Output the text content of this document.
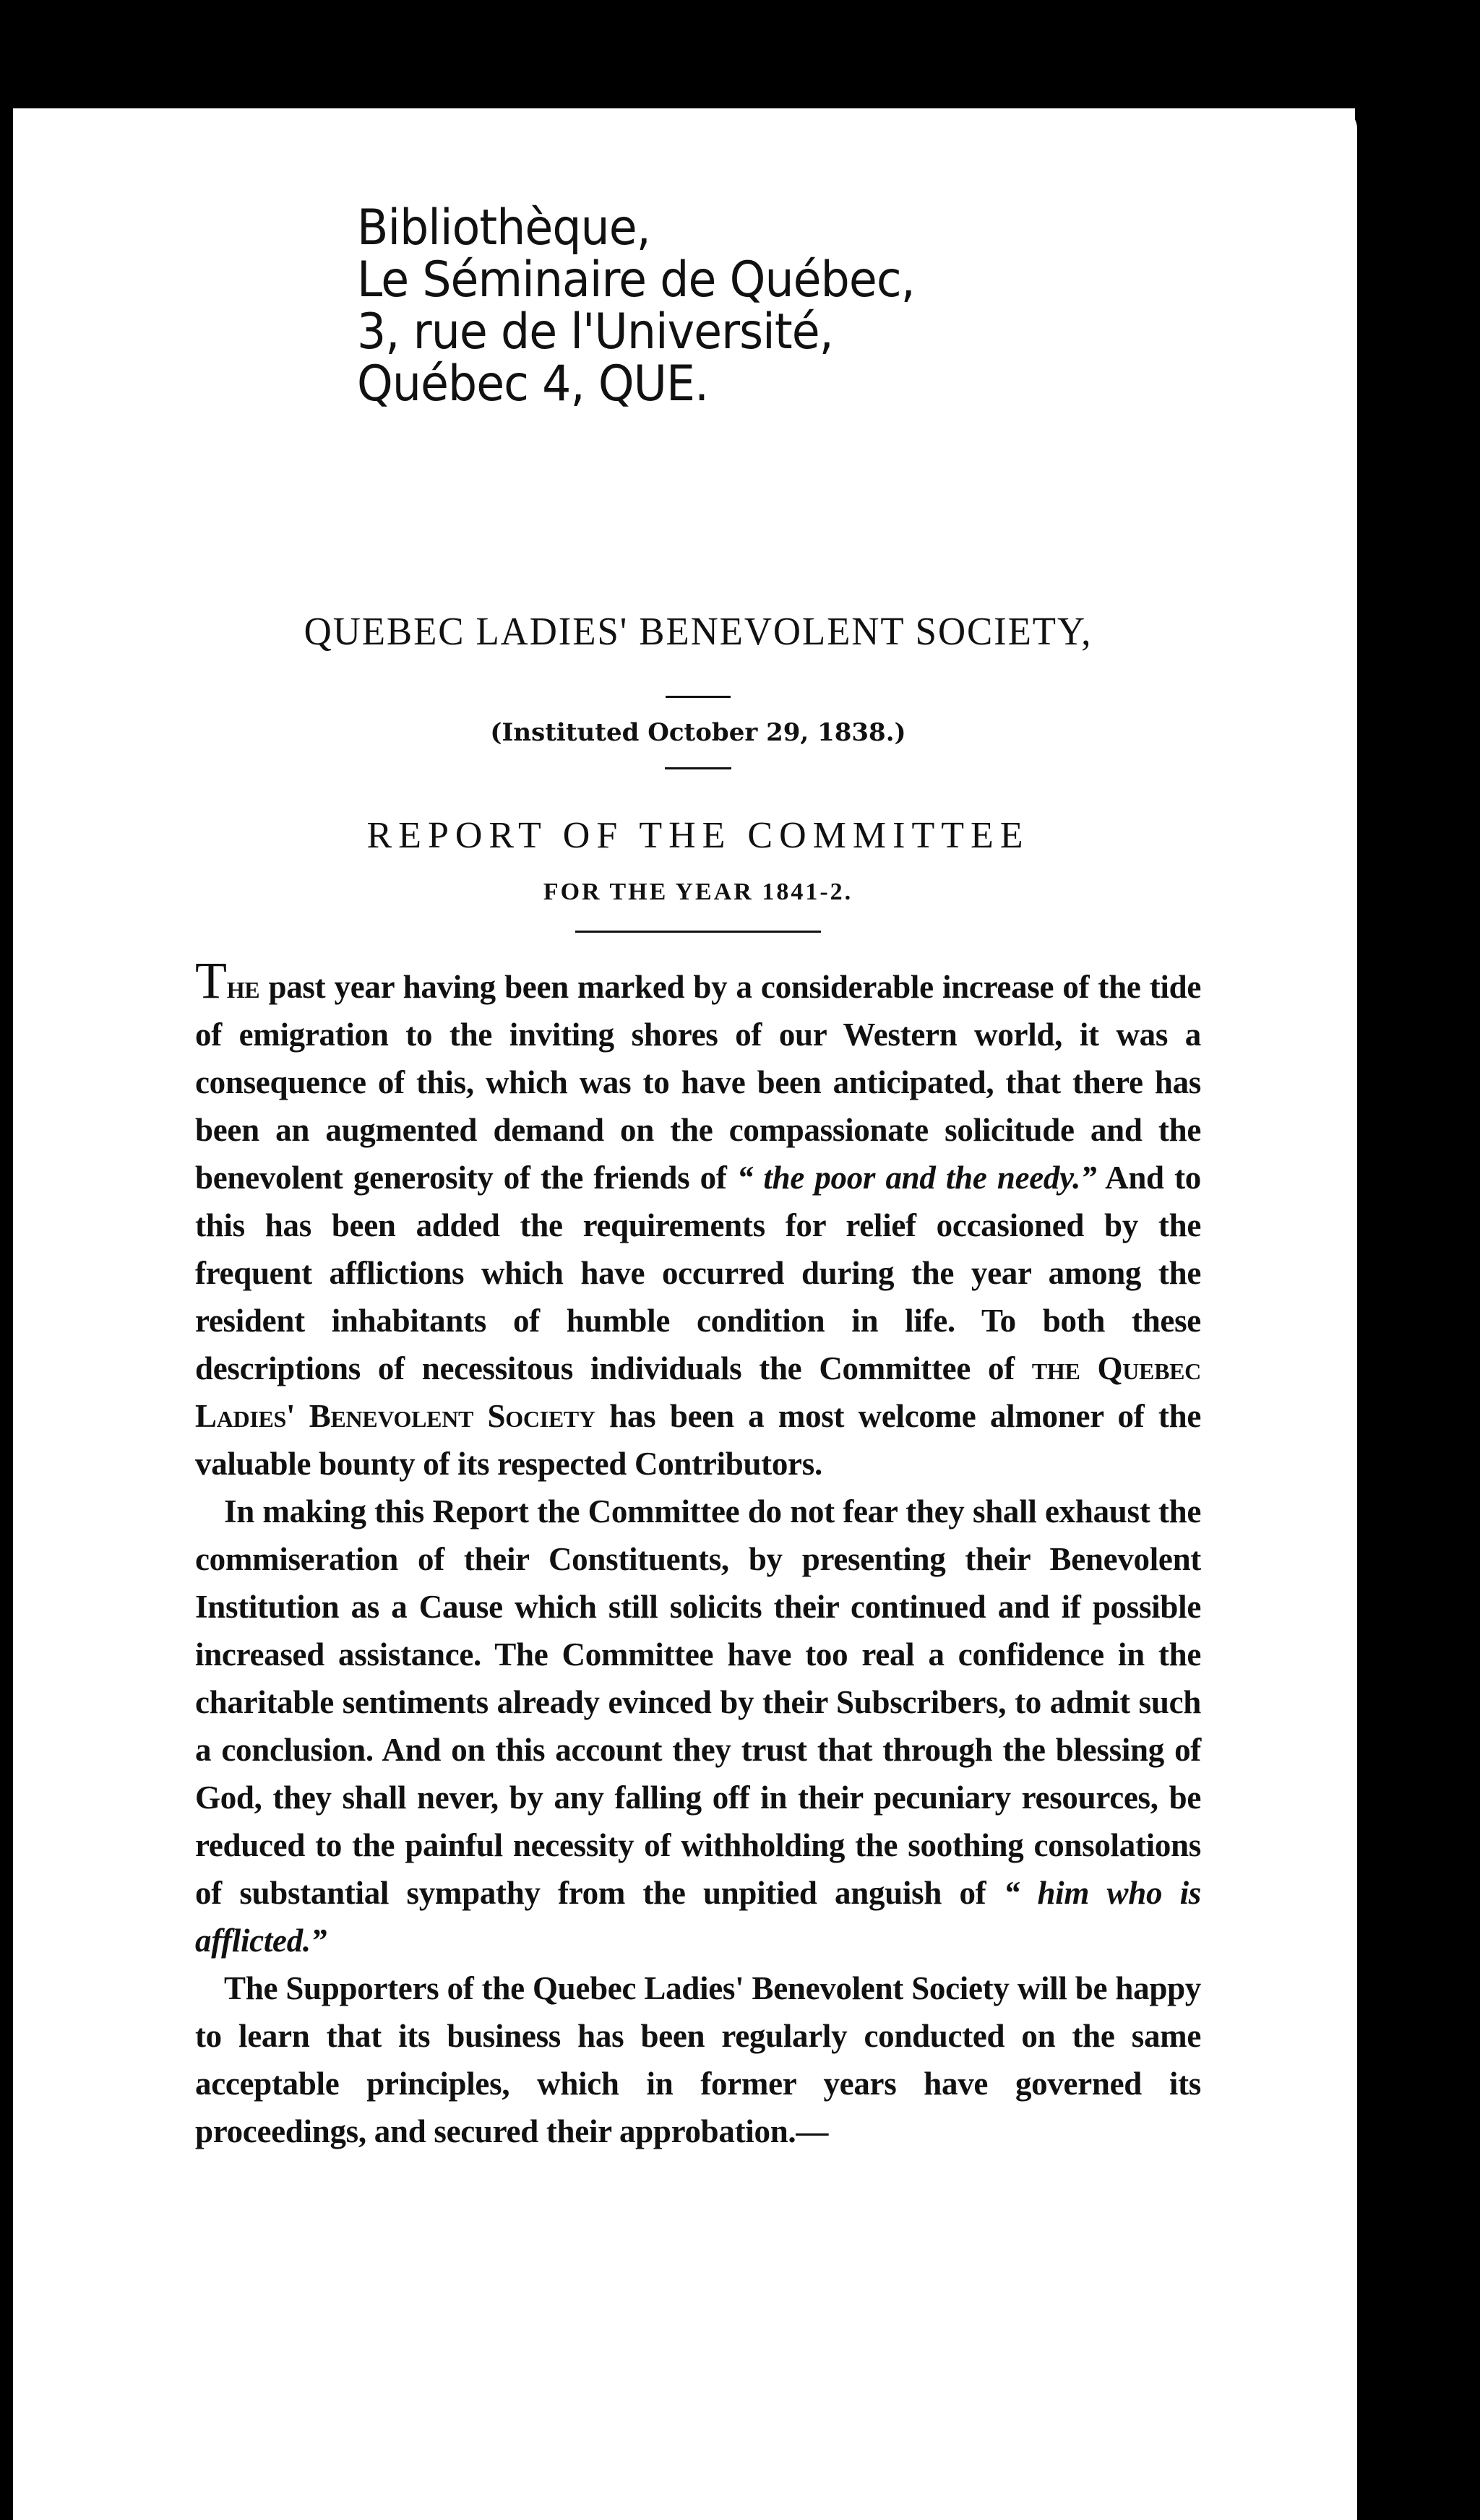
Bibliothèque,
Le Séminaire de Québec,
3, rue de l'Université,
Québec 4, QUE.
QUEBEC LADIES' BENEVOLENT SOCIETY,
(Instituted October 29, 1838.)
REPORT OF THE COMMITTEE
FOR THE YEAR 1841-2.

The past year having been marked by a considerable increase of the tide of emigration to the inviting shores of our Western world, it was a consequence of this, which was to have been anticipated, that there has been an augmented demand on the compassionate solicitude and the benevolent generosity of the friends of “ the poor and the needy.” And to this has been added the requirements for relief occasioned by the frequent afflictions which have occurred during the year among the resident inhabitants of humble condition in life. To both these descriptions of necessitous individuals the Committee of the Quebec Ladies' Benevolent Society has been a most welcome almoner of the valuable bounty of its respected Contributors.

In making this Report the Committee do not fear they shall exhaust the commiseration of their Constituents, by presenting their Benevolent Institution as a Cause which still solicits their continued and if possible increased assistance. The Committee have too real a confidence in the charitable sentiments already evinced by their Subscribers, to admit such a conclusion. And on this account they trust that through the blessing of God, they shall never, by any falling off in their pecuniary resources, be reduced to the painful necessity of withholding the soothing consolations of substantial sympathy from the unpitied anguish of “ him who is afflicted.”

The Supporters of the Quebec Ladies' Benevolent Society will be happy to learn that its business has been regularly conducted on the same acceptable principles, which in former years have governed its proceedings, and secured their approbation.—
